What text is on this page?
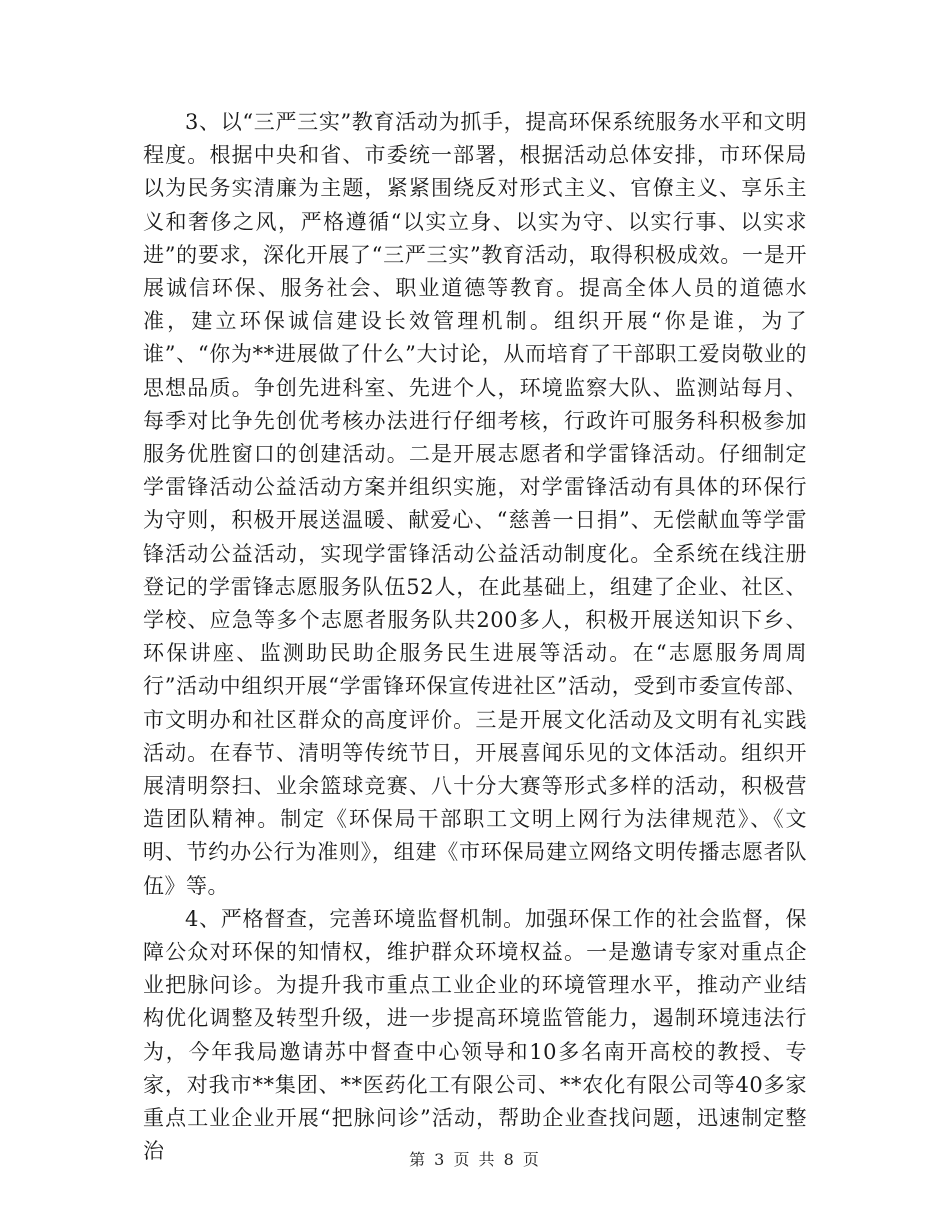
3、以“三严三实”教育活动为抓手，提高环保系统服务水平和文明程度。根据中央和省、市委统一部署，根据活动总体安排，市环保局以为民务实清廉为主题，紧紧围绕反对形式主义、官僚主义、享乐主义和奢侈之风，严格遵循“以实立身、以实为守、以实行事、以实求进”的要求，深化开展了“三严三实”教育活动，取得积极成效。一是开展诚信环保、服务社会、职业道德等教育。提高全体人员的道德水准，建立环保诚信建设长效管理机制。组织开展“你是谁，为了谁”、“你为**进展做了什么”大讨论，从而培育了干部职工爱岗敬业的思想品质。争创先进科室、先进个人，环境监察大队、监测站每月、每季对比争先创优考核办法进行仔细考核，行政许可服务科积极参加服务优胜窗口的创建活动。二是开展志愿者和学雷锋活动。仔细制定学雷锋活动公益活动方案并组织实施，对学雷锋活动有具体的环保行为守则，积极开展送温暖、献爱心、“慈善一日捐”、无偿献血等学雷锋活动公益活动，实现学雷锋活动公益活动制度化。全系统在线注册登记的学雷锋志愿服务队伍52人，在此基础上，组建了企业、社区、学校、应急等多个志愿者服务队共200多人，积极开展送知识下乡、环保讲座、监测助民助企服务民生进展等活动。在“志愿服务周周行”活动中组织开展“学雷锋环保宣传进社区”活动，受到市委宣传部、市文明办和社区群众的高度评价。三是开展文化活动及文明有礼实践活动。在春节、清明等传统节日，开展喜闻乐见的文体活动。组织开展清明祭扫、业余篮球竞赛、八十分大赛等形式多样的活动，积极营造团队精神。制定《环保局干部职工文明上网行为法律规范》、《文明、节约办公行为准则》，组建《市环保局建立网络文明传播志愿者队伍》等。

4、严格督查，完善环境监督机制。加强环保工作的社会监督，保障公众对环保的知情权，维护群众环境权益。一是邀请专家对重点企业把脉问诊。为提升我市重点工业企业的环境管理水平，推动产业结构优化调整及转型升级，进一步提高环境监管能力，遏制环境违法行为，今年我局邀请苏中督查中心领导和10多名南开高校的教授、专家，对我市**集团、**医药化工有限公司、**农化有限公司等40多家重点工业企业开展“把脉问诊”活动，帮助企业查找问题，迅速制定整治	第 3 页 共 8 页
